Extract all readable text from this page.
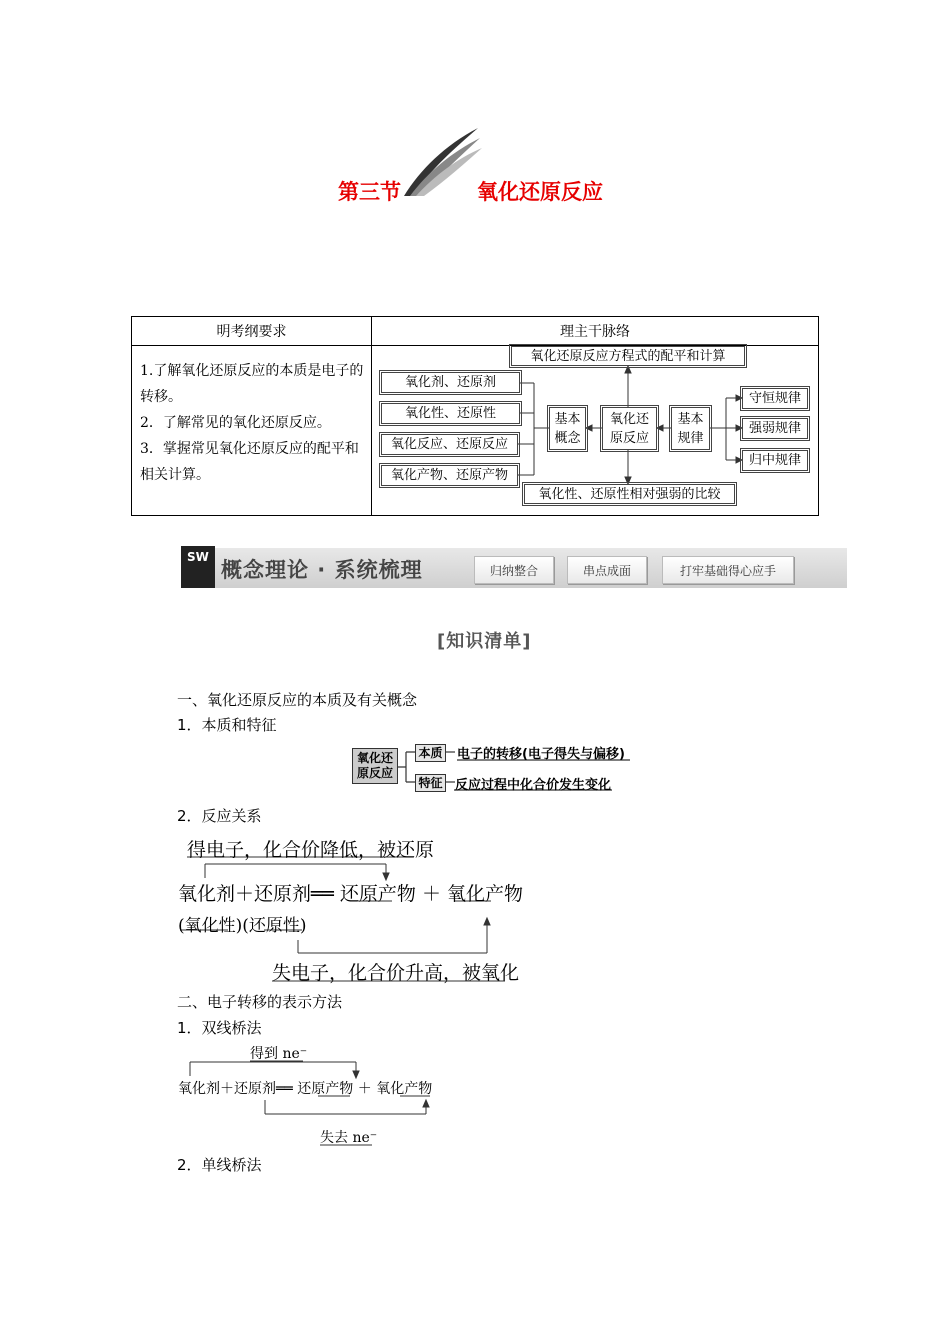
第三节	氧化还原反应
明考纲要求	理主干脉络

1.了解氧化还原反应的本质是电子的转移。
2．了解常见的氧化还原反应。
3．掌握常见氧化还原反应的配平和相关计算。
氧化还原反应方程式的配平和计算
氧化剂、还原剂
氧化性、还原性
氧化反应、还原反应
氧化产物、还原产物
基本概念
氧化还原反应
基本规律
守恒规律
强弱规律
归中规律
氧化性、还原性相对强弱的比较
SW
概念理论 · 系统梳理	归纳整合	串点成面	打牢基础得心应手
[知识清单]
一、氧化还原反应的本质及有关概念
1．本质和特征
氧化还原反应
本质
特征
电子的转移(电子得失与偏移)
反应过程中化合价发生变化
2．反应关系
得电子，化合价降低，被还原
氧化剂＋还原剂══ 还原产物 ＋ 氧化产物
(氧化性)(还原性)
失电子，化合价升高，被氧化
二、电子转移的表示方法
1．双线桥法
得到 ne⁻
氧化剂＋还原剂══ 还原产物 ＋ 氧化产物
失去 ne⁻
2．单线桥法
